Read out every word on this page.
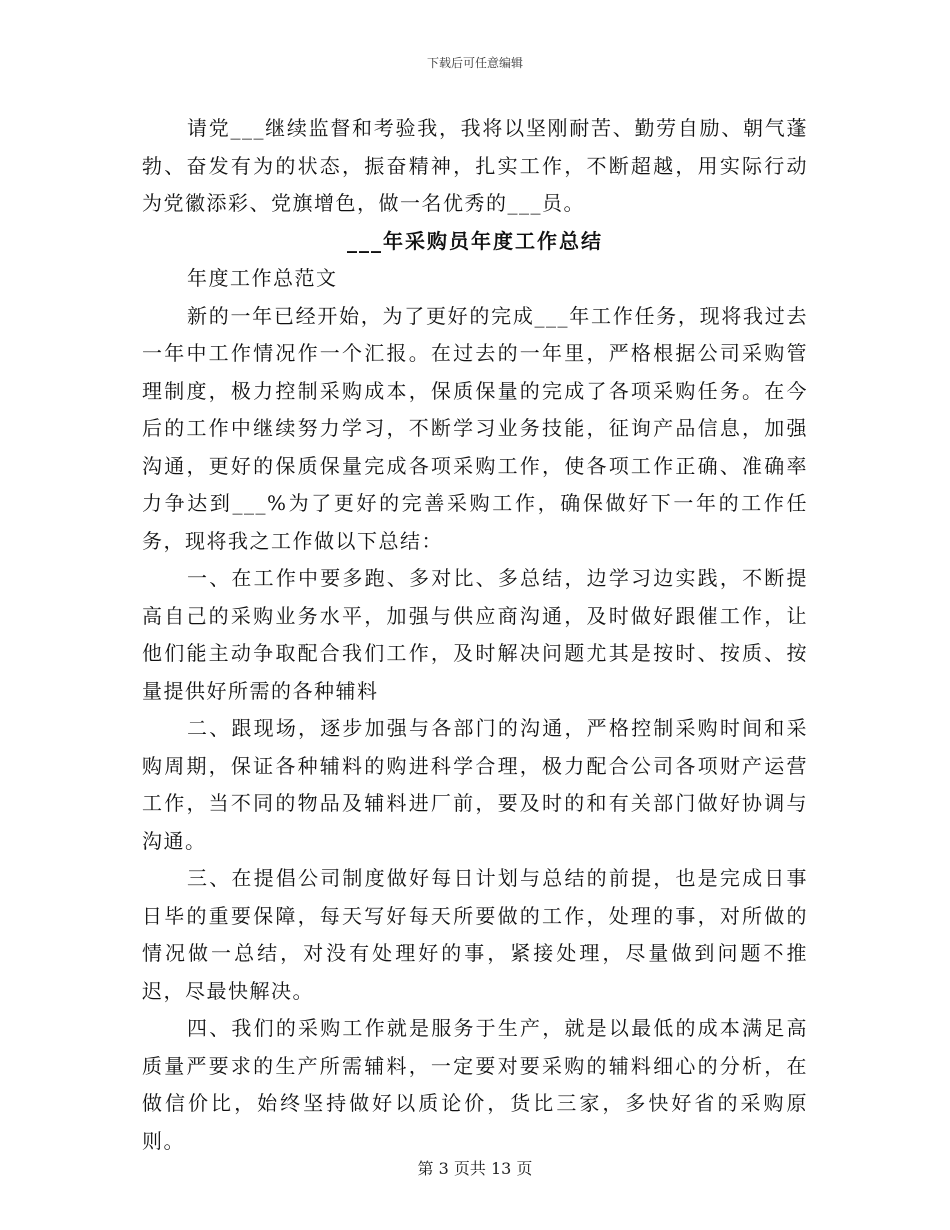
下载后可任意编辑

请党___继续监督和考验我，我将以坚刚耐苦、勤劳自励、朝气蓬勃、奋发有为的状态，振奋精神，扎实工作，不断超越，用实际行动为党徽添彩、党旗增色，做一名优秀的___员。

___年采购员年度工作总结

年度工作总范文

新的一年已经开始，为了更好的完成___年工作任务，现将我过去一年中工作情况作一个汇报。在过去的一年里，严格根据公司采购管理制度，极力控制采购成本，保质保量的完成了各项采购任务。在今后的工作中继续努力学习，不断学习业务技能，征询产品信息，加强沟通，更好的保质保量完成各项采购工作，使各项工作正确、准确率力争达到___%为了更好的完善采购工作，确保做好下一年的工作任务，现将我之工作做以下总结：

一、在工作中要多跑、多对比、多总结，边学习边实践，不断提高自己的采购业务水平，加强与供应商沟通，及时做好跟催工作，让他们能主动争取配合我们工作，及时解决问题尤其是按时、按质、按量提供好所需的各种辅料

二、跟现场，逐步加强与各部门的沟通，严格控制采购时间和采购周期，保证各种辅料的购进科学合理，极力配合公司各项财产运营工作，当不同的物品及辅料进厂前，要及时的和有关部门做好协调与沟通。

三、在提倡公司制度做好每日计划与总结的前提，也是完成日事日毕的重要保障，每天写好每天所要做的工作，处理的事，对所做的情况做一总结，对没有处理好的事，紧接处理，尽量做到问题不推迟，尽最快解决。

四、我们的采购工作就是服务于生产，就是以最低的成本满足高质量严要求的生产所需辅料，一定要对要采购的辅料细心的分析，在做信价比，始终坚持做好以质论价，货比三家，多快好省的采购原则。

第 3 页共 13 页
